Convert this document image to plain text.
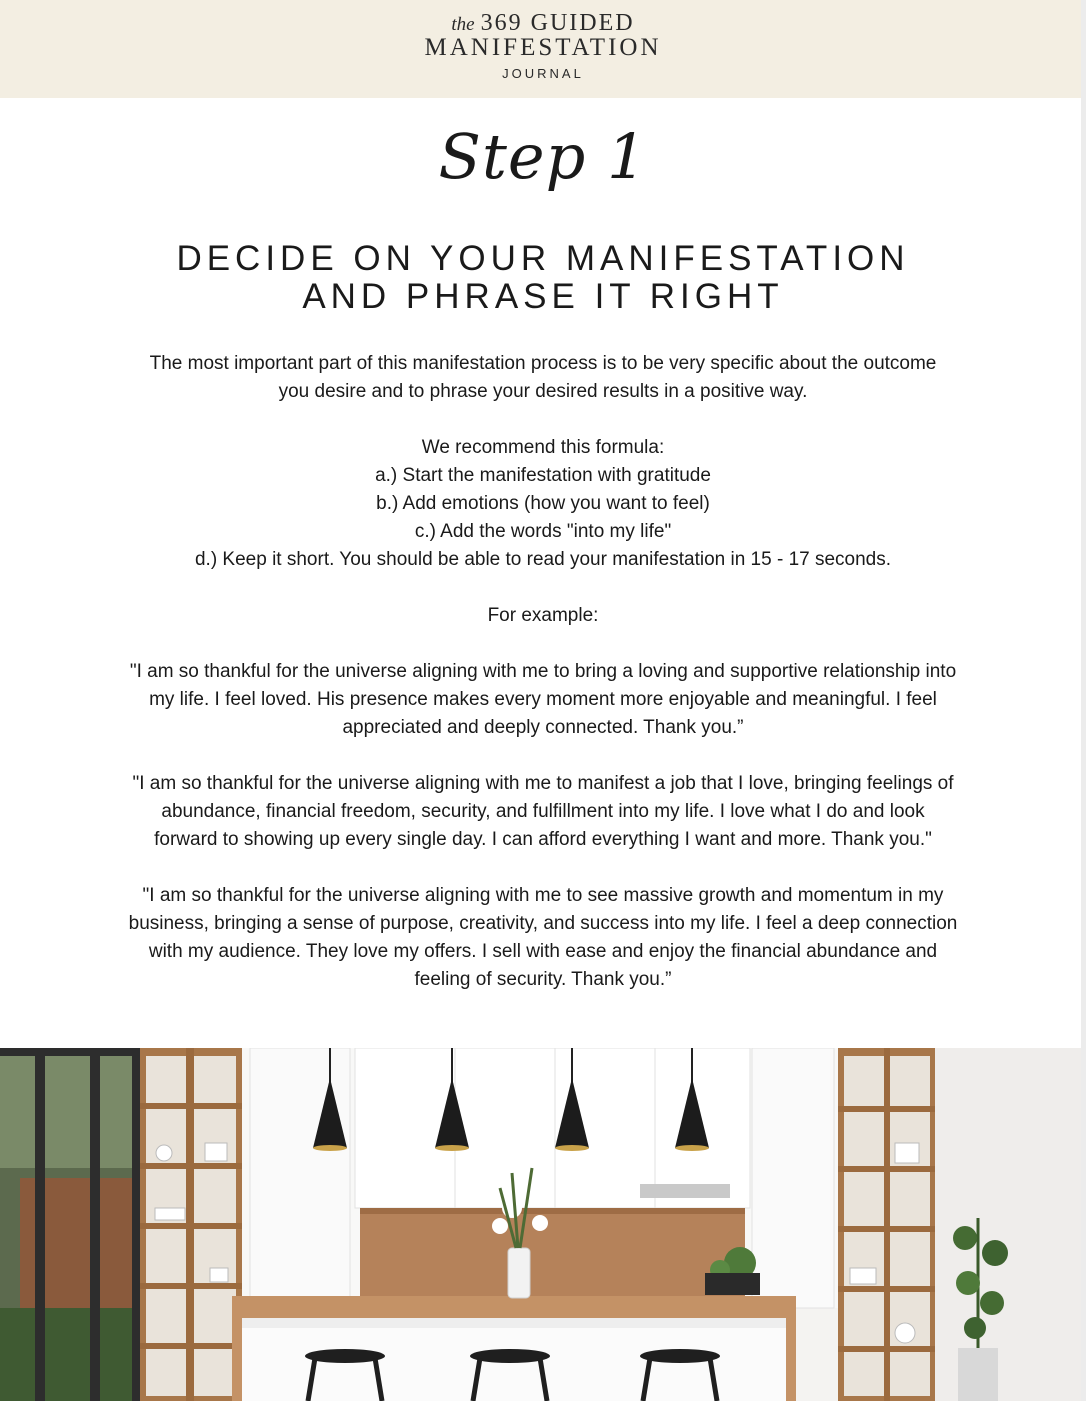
the 369 GUIDED
MANIFESTATION
JOURNAL
Step 1
DECIDE ON YOUR MANIFESTATION
AND PHRASE IT RIGHT

The most important part of this manifestation process is to be very specific about the outcome
you desire and to phrase your desired results in a positive way.

We recommend this formula:
a.) Start the manifestation with gratitude
b.) Add emotions (how you want to feel)
c.) Add the words "into my life"
d.) Keep it short. You should be able to read your manifestation in 15 - 17 seconds.

For example:

"I am so thankful for the universe aligning with me to bring a loving and supportive relationship into
my life. I feel loved. His presence makes every moment more enjoyable and meaningful. I feel
appreciated and deeply connected. Thank you.”

"I am so thankful for the universe aligning with me to manifest a job that I love, bringing feelings of
abundance, financial freedom, security, and fulfillment into my life. I love what I do and look
forward to showing up every single day. I can afford everything I want and more. Thank you."

"I am so thankful for the universe aligning with me to see massive growth and momentum in my
business, bringing a sense of purpose, creativity, and success into my life. I feel a deep connection
with my audience. They love my offers. I sell with ease and enjoy the financial abundance and
feeling of security. Thank you.”
